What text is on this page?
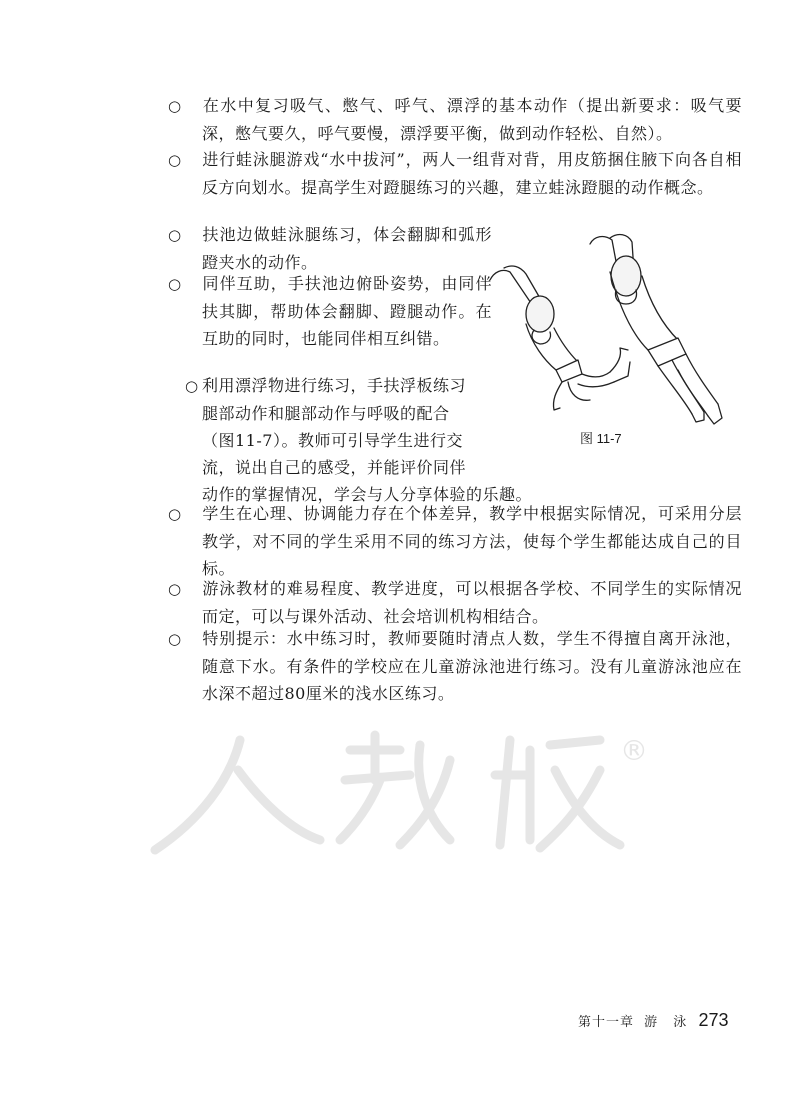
○ 在水中复习吸气、憋气、呼气、漂浮的基本动作（提出新要求：吸气要深，憋气要久，呼气要慢，漂浮要平衡，做到动作轻松、自然）。
○ 进行蛙泳腿游戏“水中拔河”，两人一组背对背，用皮筋捆住腋下向各自相反方向划水。提高学生对蹬腿练习的兴趣，建立蛙泳蹬腿的动作概念。
○ 扶池边做蛙泳腿练习，体会翻脚和弧形蹬夹水的动作。
○ 同伴互助，手扶池边俯卧姿势，由同伴扶其脚，帮助体会翻脚、蹬腿动作。在互助的同时，也能同伴相互纠错。
○ 利用漂浮物进行练习，手扶浮板练习
腿部动作和腿部动作与呼吸的配合
（图11-7）。教师可引导学生进行交
流，说出自己的感受，并能评价同伴
动作的掌握情况，学会与人分享体验的乐趣。
○ 学生在心理、协调能力存在个体差异，教学中根据实际情况，可采用分层教学，对不同的学生采用不同的练习方法，使每个学生都能达成自己的目标。
○ 游泳教材的难易程度、教学进度，可以根据各学校、不同学生的实际情况而定，可以与课外活动、社会培训机构相结合。
○ 特别提示：水中练习时，教师要随时清点人数，学生不得擅自离开泳池，随意下水。有条件的学校应在儿童游泳池进行练习。没有儿童游泳池应在水深不超过80厘米的浅水区练习。
图 11-7
®
第十一章 游 泳 273
